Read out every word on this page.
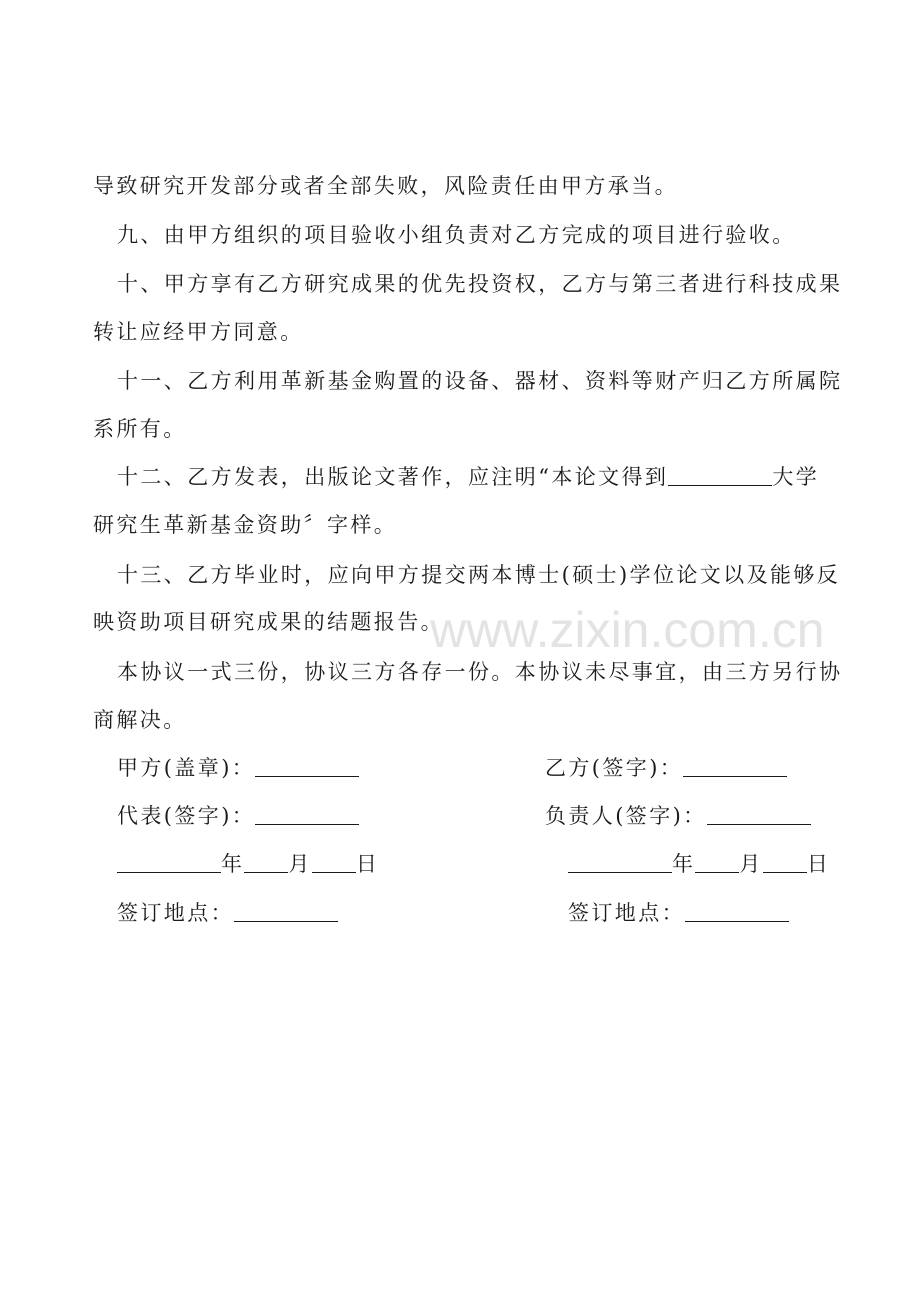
www.zixin.com.cn
导致研究开发部分或者全部失败，风险责任由甲方承当。
九、由甲方组织的项目验收小组负责对乙方完成的项目进行验收。
十、甲方享有乙方研究成果的优先投资权，乙方与第三者进行科技成果
转让应经甲方同意。
十一、乙方利用革新基金购置的设备、器材、资料等财产归乙方所属院
系所有。
十二、乙方发表，出版论文著作，应注明“本论文得到	大学
研究生革新基金资助〞字样。
十三、乙方毕业时，应向甲方提交两本博士(硕士)学位论文以及能够反
映资助项目研究成果的结题报告。
本协议一式三份，协议三方各存一份。本协议未尽事宜，由三方另行协
商解决。
甲方(盖章)：	乙方(签字)：
代表(签字)：	负责人(签字)：
年 月 日	年 月 日
签订地点：	签订地点：
